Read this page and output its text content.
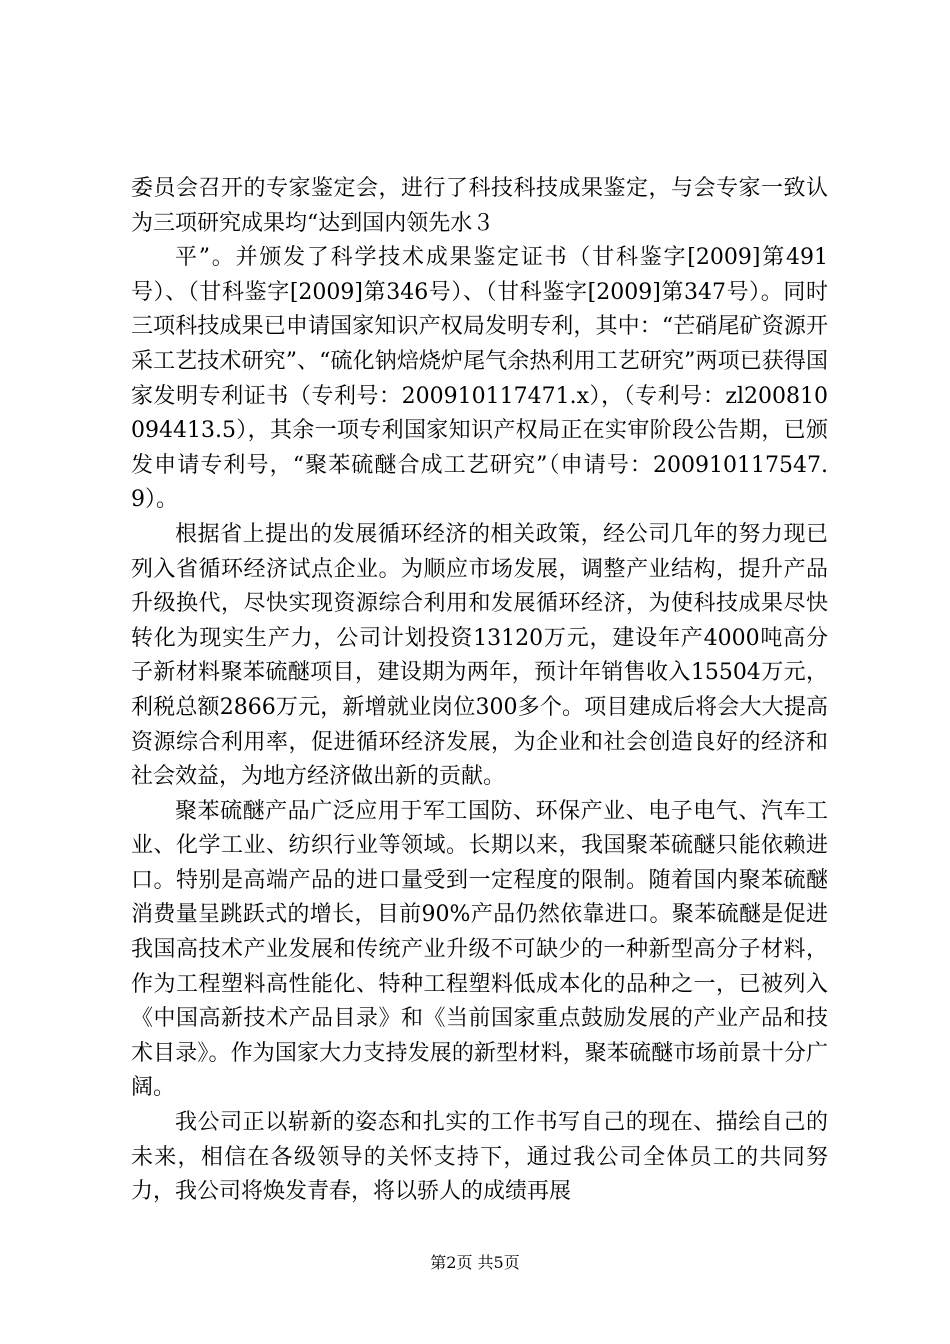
委员会召开的专家鉴定会，进行了科技科技成果鉴定，与会专家一致认为三项研究成果均“达到国内领先水３

平”。并颁发了科学技术成果鉴定证书（甘科鉴字[2009]第491号）、（甘科鉴字[2009]第346号）、（甘科鉴字[2009]第347号）。同时三项科技成果已申请国家知识产权局发明专利，其中：“芒硝尾矿资源开采工艺技术研究”、“硫化钠焙烧炉尾气余热利用工艺研究”两项已获得国家发明专利证书（专利号：200910117471.x），（专利号：zl200810094413.5），其余一项专利国家知识产权局正在实审阶段公告期，已颁发申请专利号，“聚苯硫醚合成工艺研究”（申请号：200910117547.9）。

根据省上提出的发展循环经济的相关政策，经公司几年的努力现已列入省循环经济试点企业。为顺应市场发展，调整产业结构，提升产品升级换代，尽快实现资源综合利用和发展循环经济，为使科技成果尽快转化为现实生产力，公司计划投资13120万元，建设年产4000吨高分子新材料聚苯硫醚项目，建设期为两年，预计年销售收入15504万元，利税总额2866万元，新增就业岗位300多个。项目建成后将会大大提高资源综合利用率，促进循环经济发展，为企业和社会创造良好的经济和社会效益，为地方经济做出新的贡献。

聚苯硫醚产品广泛应用于军工国防、环保产业、电子电气、汽车工业、化学工业、纺织行业等领域。长期以来，我国聚苯硫醚只能依赖进口。特别是高端产品的进口量受到一定程度的限制。随着国内聚苯硫醚消费量呈跳跃式的增长，目前90%产品仍然依靠进口。聚苯硫醚是促进我国高技术产业发展和传统产业升级不可缺少的一种新型高分子材料，作为工程塑料高性能化、特种工程塑料低成本化的品种之一，已被列入《中国高新技术产品目录》和《当前国家重点鼓励发展的产业产品和技术目录》。作为国家大力支持发展的新型材料，聚苯硫醚市场前景十分广阔。

我公司正以崭新的姿态和扎实的工作书写自己的现在、描绘自己的未来，相信在各级领导的关怀支持下，通过我公司全体员工的共同努力，我公司将焕发青春，将以骄人的成绩再展

第2页 共5页
